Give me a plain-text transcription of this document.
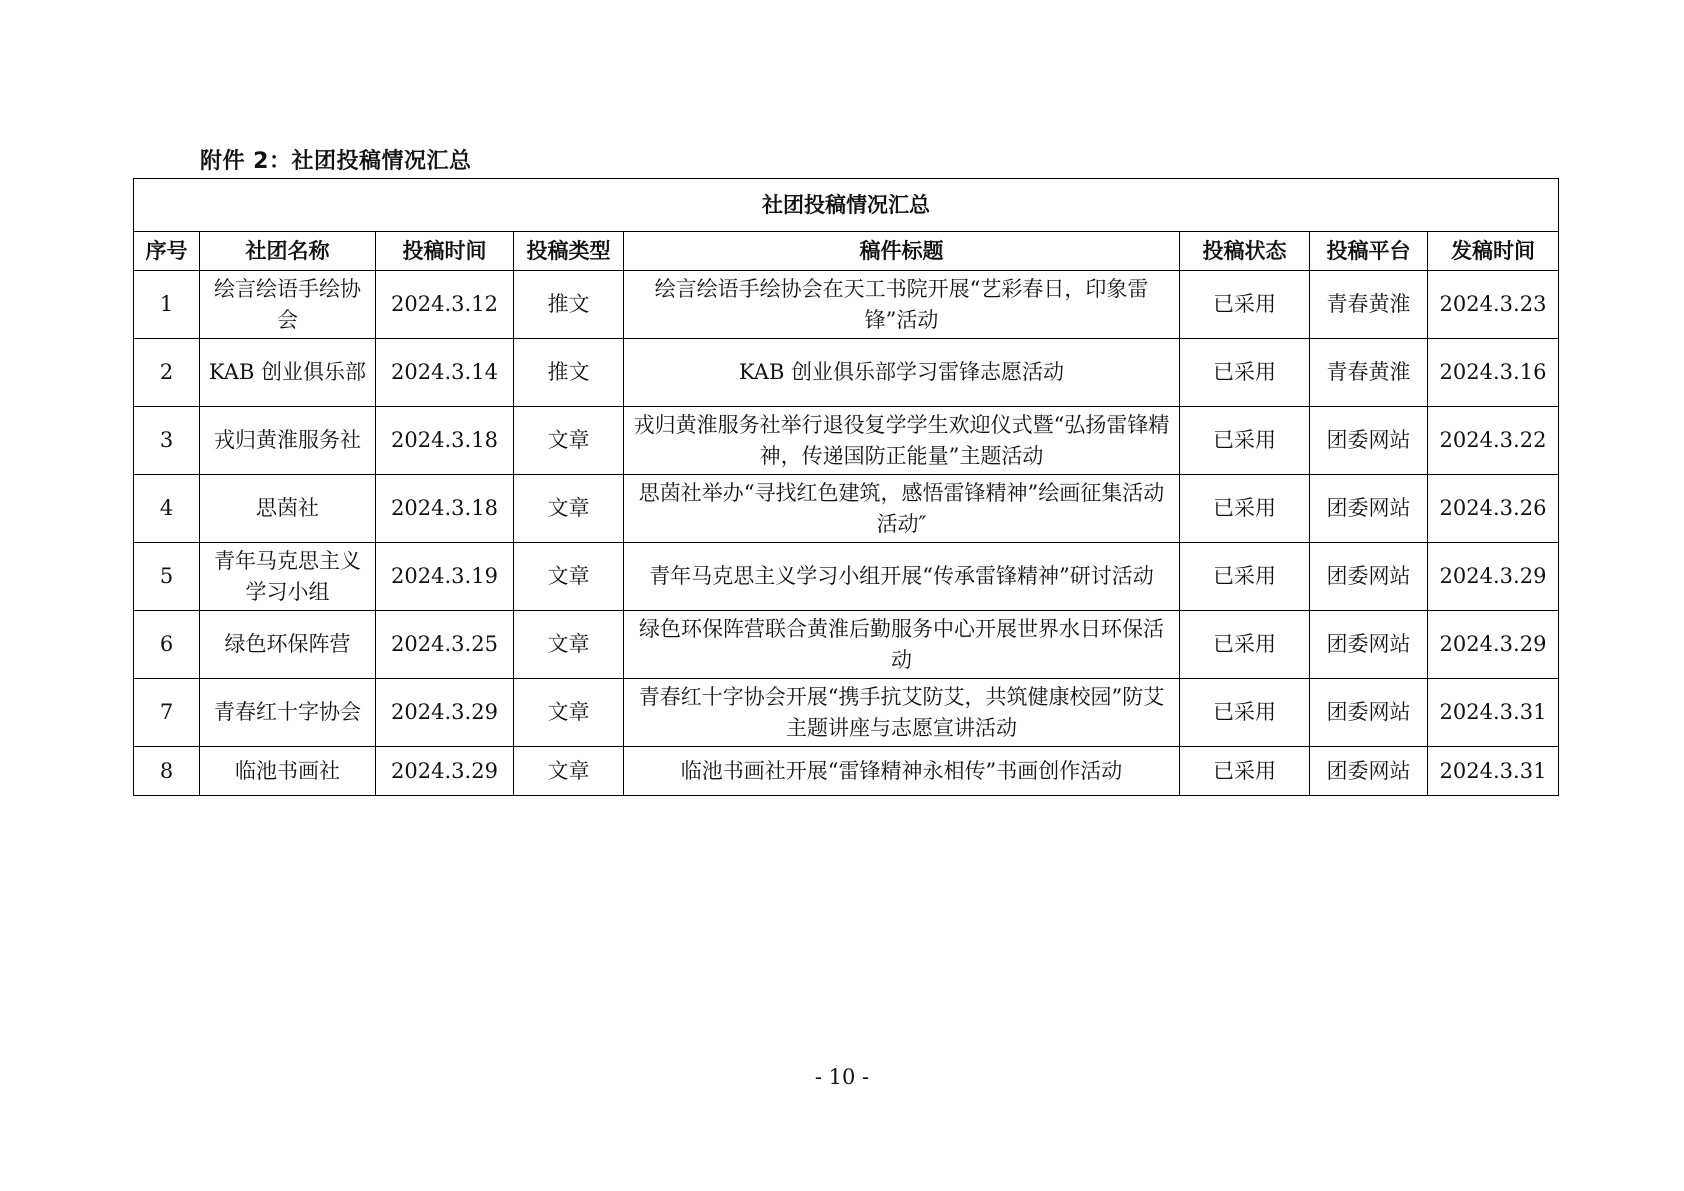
附件 2：社团投稿情况汇总
社团投稿情况汇总							
序号	社团名称	投稿时间	投稿类型	稿件标题	投稿状态	投稿平台	发稿时间
1	绘言绘语手绘协会	2024.3.12	推文	绘言绘语手绘协会在天工书院开展“艺彩春日，印象雷锋”活动	已采用	青春黄淮	2024.3.23
2	KAB 创业俱乐部	2024.3.14	推文	KAB 创业俱乐部学习雷锋志愿活动	已采用	青春黄淮	2024.3.16
3	戎归黄淮服务社	2024.3.18	文章	戎归黄淮服务社举行退役复学学生欢迎仪式暨“弘扬雷锋精神，传递国防正能量”主题活动	已采用	团委网站	2024.3.22
4	思茵社	2024.3.18	文章	思茵社举办“寻找红色建筑，感悟雷锋精神”绘画征集活动活动″	已采用	团委网站	2024.3.26
5	青年马克思主义学习小组	2024.3.19	文章	青年马克思主义学习小组开展“传承雷锋精神”研讨活动	已采用	团委网站	2024.3.29
6	绿色环保阵营	2024.3.25	文章	绿色环保阵营联合黄淮后勤服务中心开展世界水日环保活动	已采用	团委网站	2024.3.29
7	青春红十字协会	2024.3.29	文章	青春红十字协会开展“携手抗艾防艾，共筑健康校园”防艾主题讲座与志愿宣讲活动	已采用	团委网站	2024.3.31
8	临池书画社	2024.3.29	文章	临池书画社开展“雷锋精神永相传”书画创作活动	已采用	团委网站	2024.3.31
- 10 -
